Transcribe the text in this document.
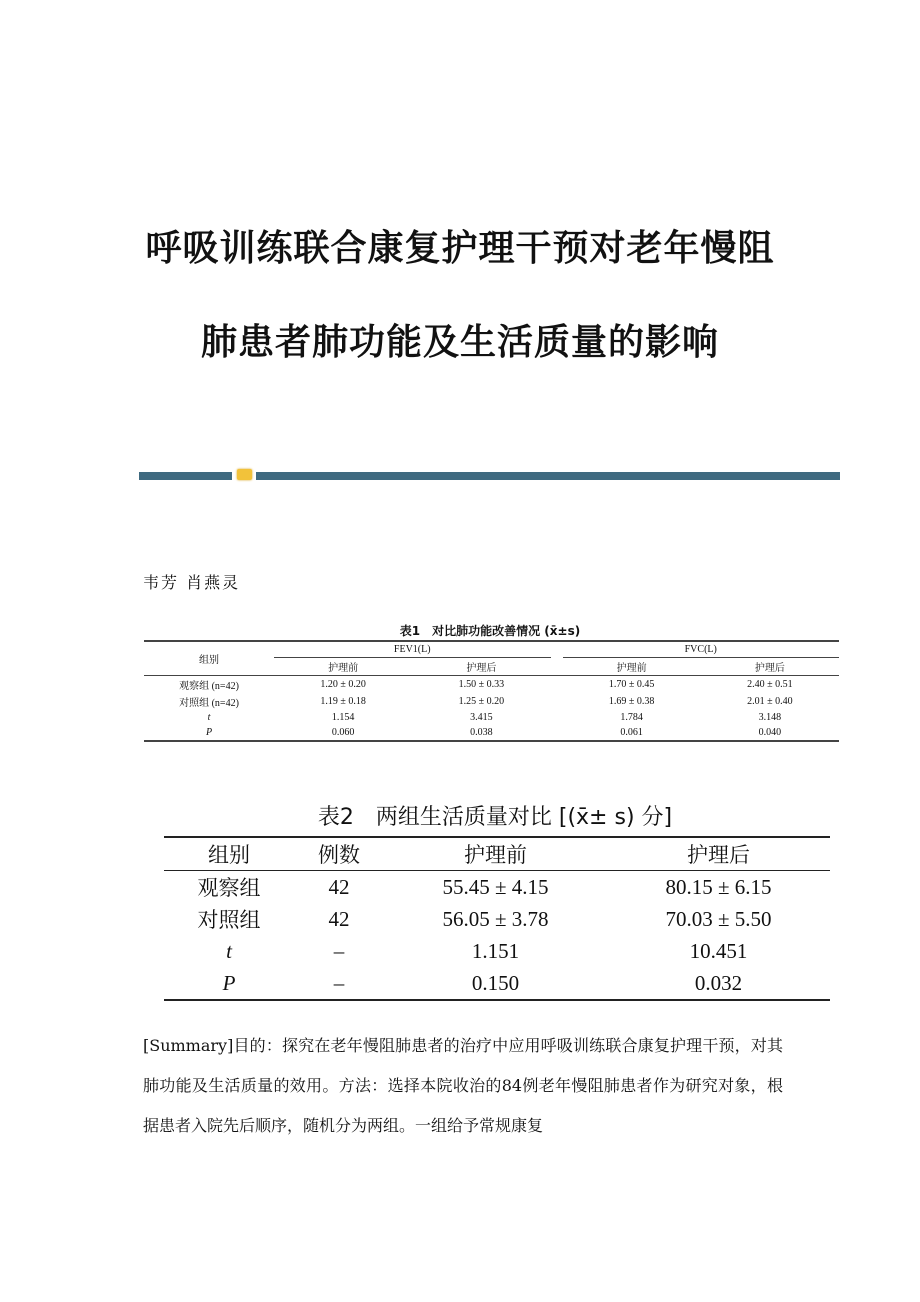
呼吸训练联合康复护理干预对老年慢阻
肺患者肺功能及生活质量的影响
韦芳 肖燕灵
表1　对比肺功能改善情况 (x̄±s)
组别	FEV1(L)			FVC(L)	
	护理前	护理后		护理前	护理后
观察组 (n=42)	1.20 ± 0.20	1.50 ± 0.33		1.70 ± 0.45	2.40 ± 0.51
对照组 (n=42)	1.19 ± 0.18	1.25 ± 0.20		1.69 ± 0.38	2.01 ± 0.40
t	1.154	3.415		1.784	3.148
P	0.060	0.038		0.061	0.040
表2　两组生活质量对比 [(x̄± s) 分]
组别	例数	护理前	护理后
观察组	42	55.45 ± 4.15	80.15 ± 6.15
对照组	42	56.05 ± 3.78	70.03 ± 5.50
t	–	1.151	10.451
P	–	0.150	0.032
[Summary]目的：探究在老年慢阻肺患者的治疗中应用呼吸训练联合康复护理干预，对其肺功能及生活质量的效用。方法：选择本院收治的84例老年慢阻肺患者作为研究对象，根据患者入院先后顺序，随机分为两组。一组给予常规康复
